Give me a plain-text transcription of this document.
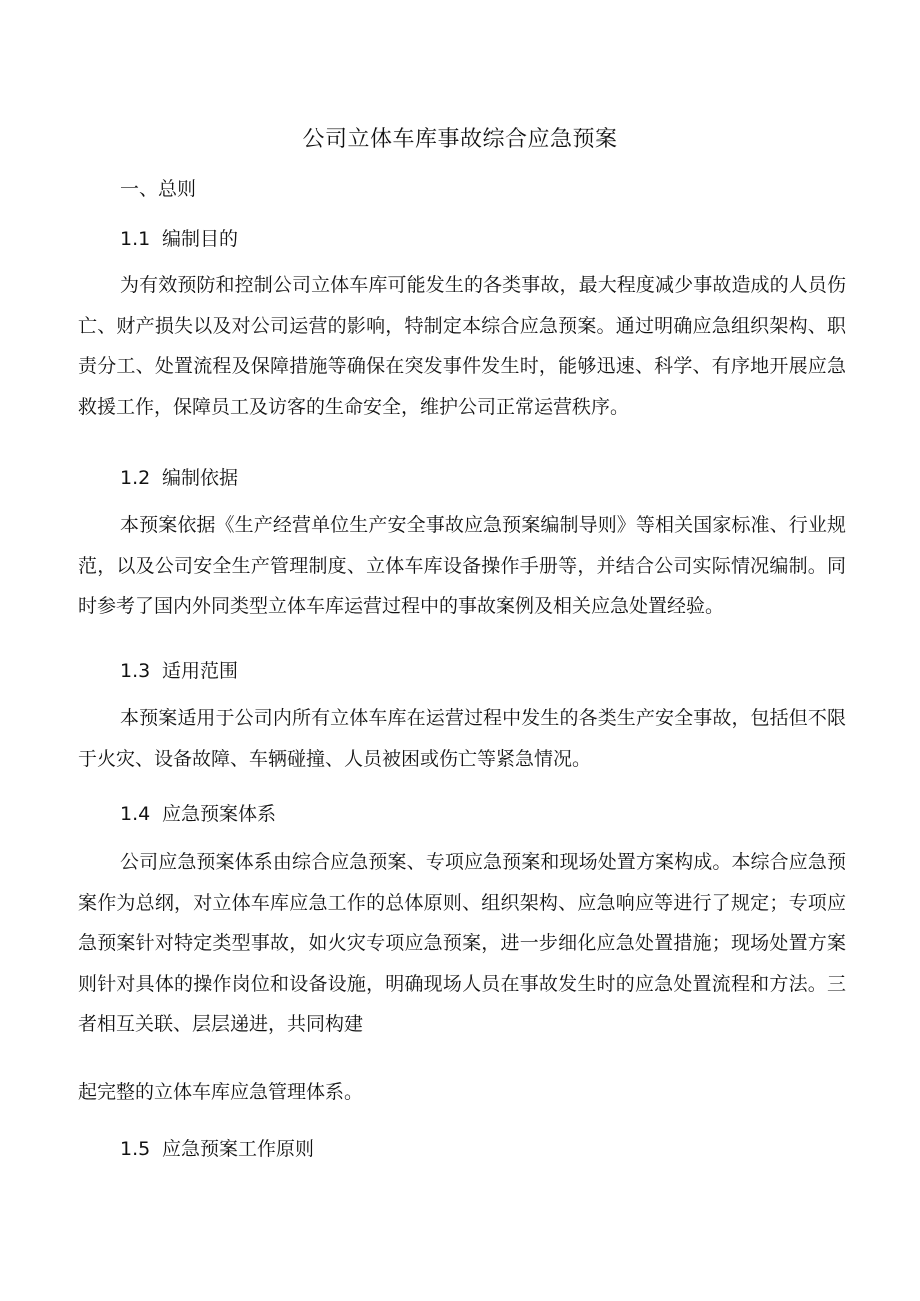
公司立体车库事故综合应急预案
一、总则
1.1 编制目的
为有效预防和控制公司立体车库可能发生的各类事故，最大程度减少事故造成的人员伤亡、财产损失以及对公司运营的影响，特制定本综合应急预案。通过明确应急组织架构、职责分工、处置流程及保障措施等确保在突发事件发生时，能够迅速、科学、有序地开展应急救援工作，保障员工及访客的生命安全，维护公司正常运营秩序。
1.2 编制依据
本预案依据《生产经营单位生产安全事故应急预案编制导则》等相关国家标准、行业规范，以及公司安全生产管理制度、立体车库设备操作手册等，并结合公司实际情况编制。同时参考了国内外同类型立体车库运营过程中的事故案例及相关应急处置经验。
1.3 适用范围
本预案适用于公司内所有立体车库在运营过程中发生的各类生产安全事故，包括但不限于火灾、设备故障、车辆碰撞、人员被困或伤亡等紧急情况。
1.4 应急预案体系
公司应急预案体系由综合应急预案、专项应急预案和现场处置方案构成。本综合应急预案作为总纲，对立体车库应急工作的总体原则、组织架构、应急响应等进行了规定；专项应急预案针对特定类型事故，如火灾专项应急预案，进一步细化应急处置措施；现场处置方案则针对具体的操作岗位和设备设施，明确现场人员在事故发生时的应急处置流程和方法。三者相互关联、层层递进，共同构建
起完整的立体车库应急管理体系。
1.5 应急预案工作原则
